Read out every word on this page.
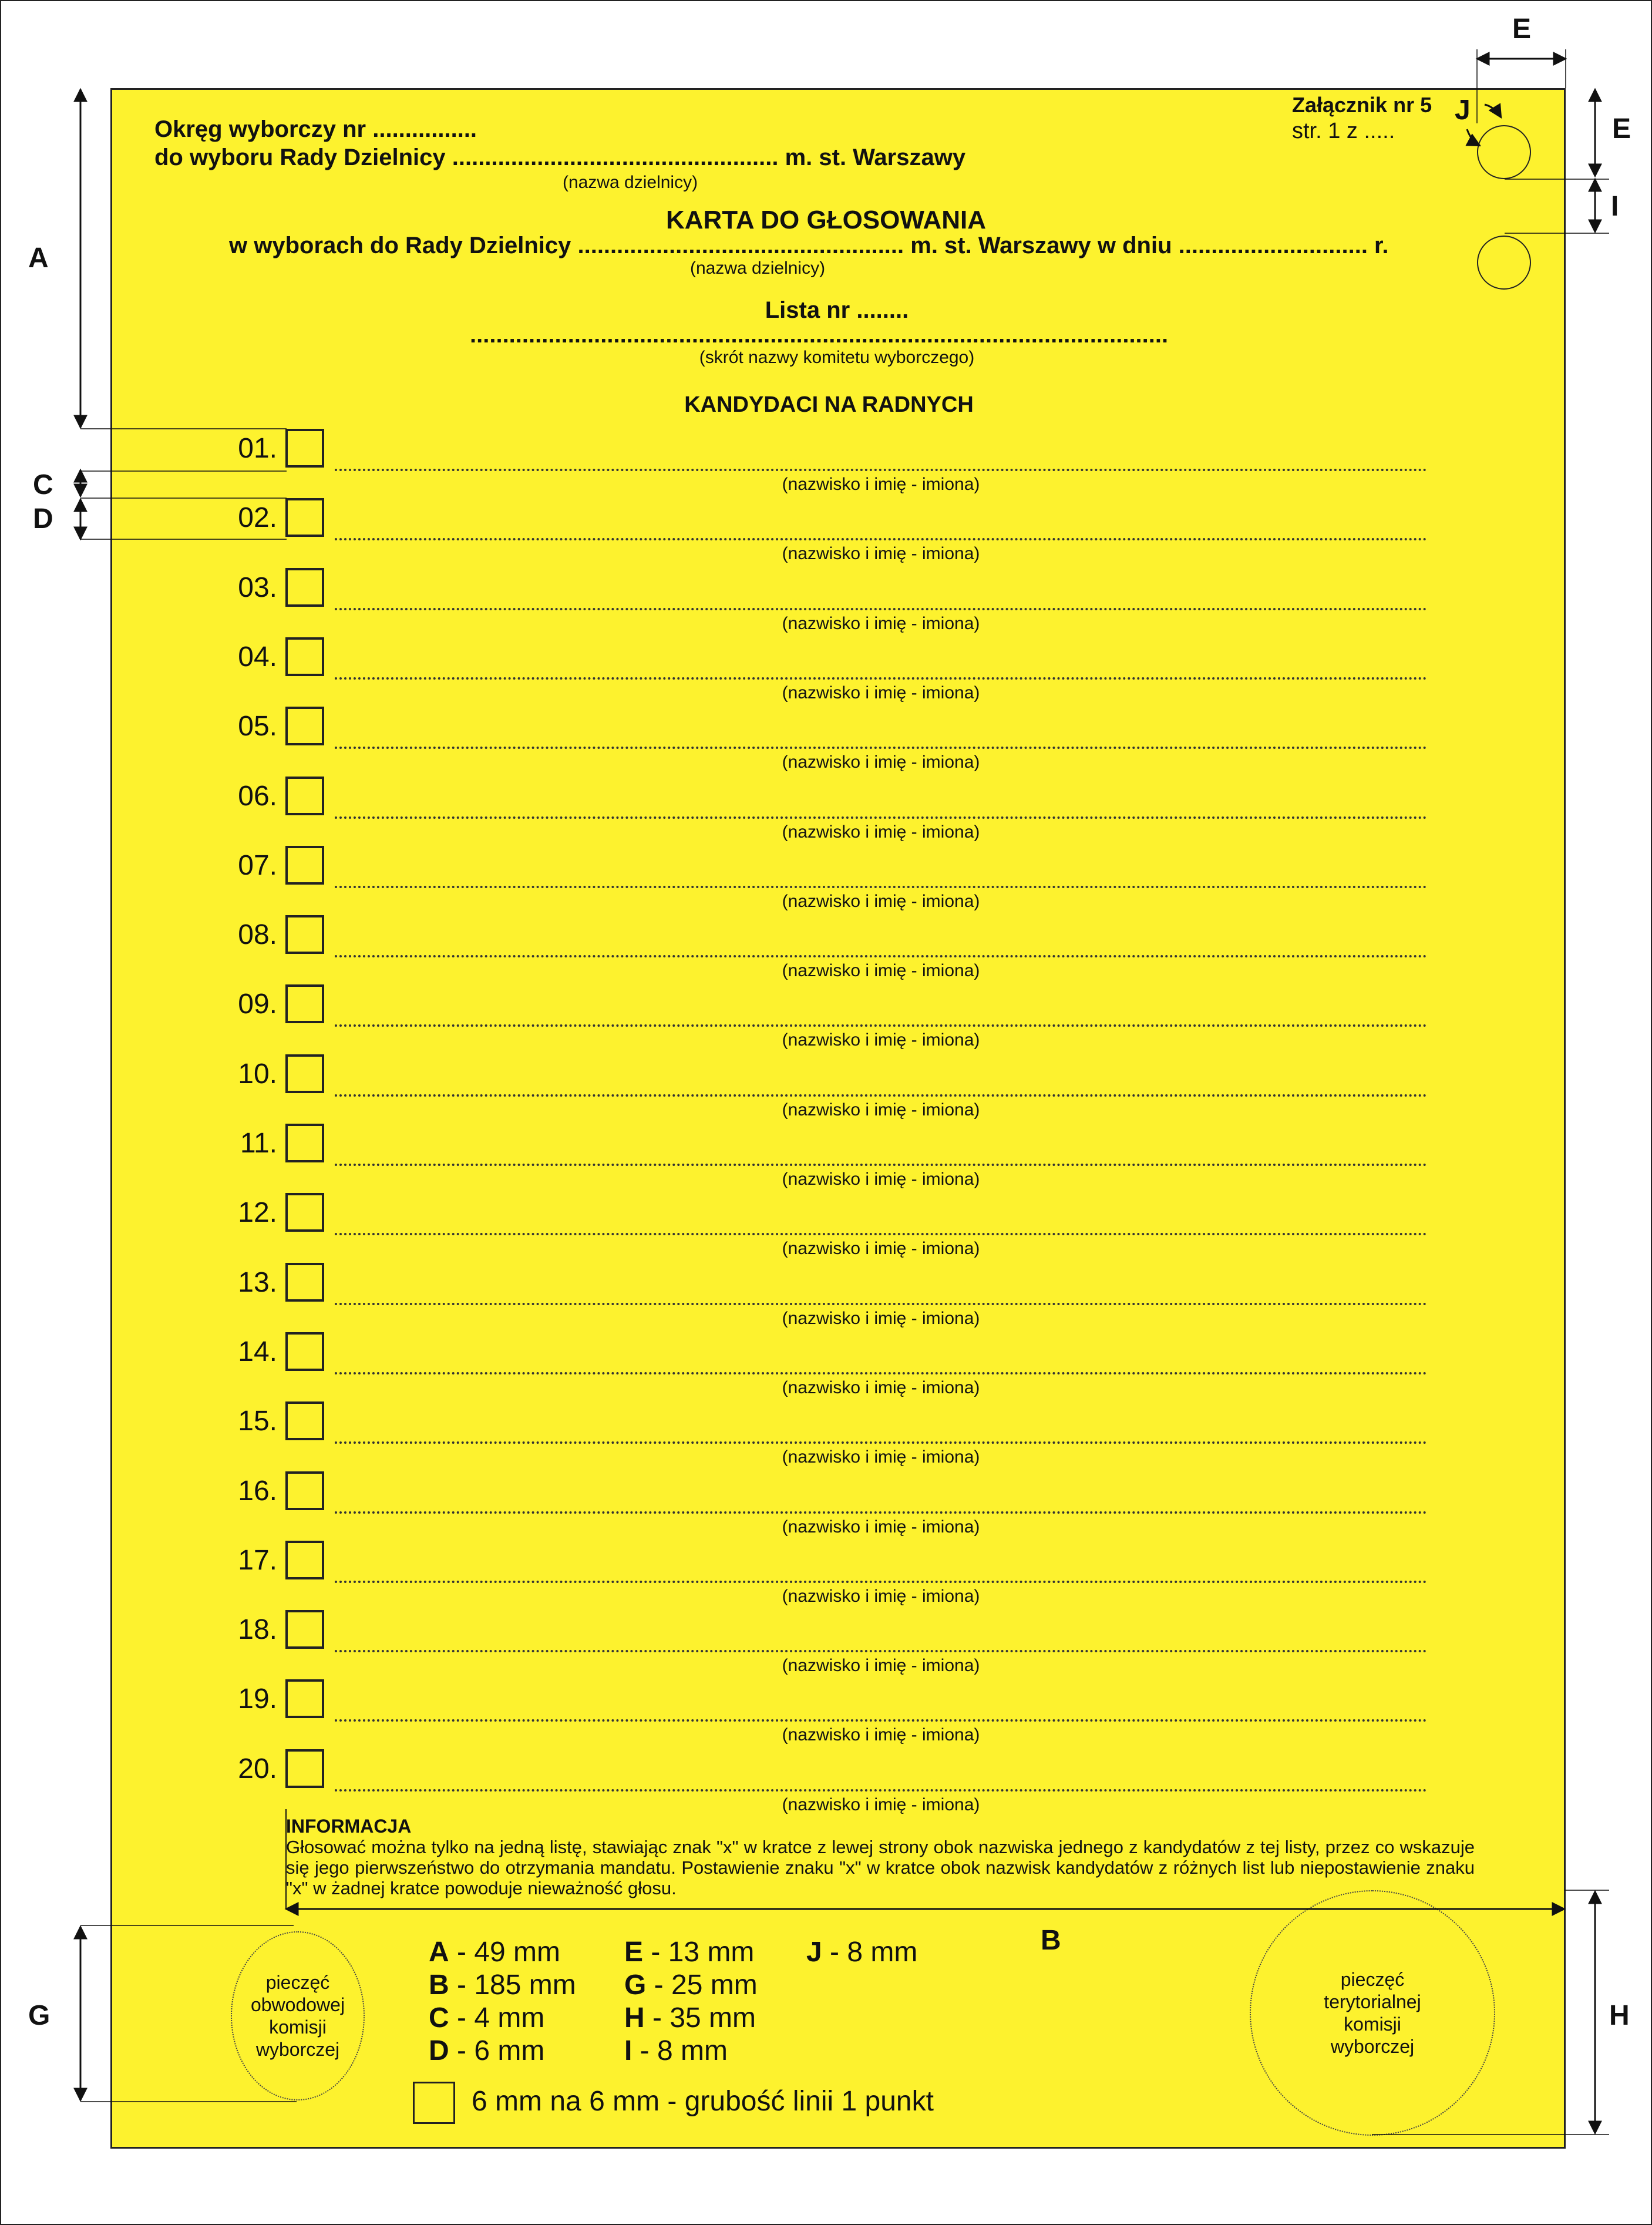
Okręg wyborczy nr ................
do wyboru Rady Dzielnicy .................................................. m. st. Warszawy
(nazwa dzielnicy)
Załącznik nr 5
str. 1 z .....
KARTA DO GŁOSOWANIA
w wyborach do Rady Dzielnicy .................................................. m. st. Warszawy w dniu ............................. r.
(nazwa dzielnicy)
Lista nr ........
...........................................................................................................
(skrót nazwy komitetu wyborczego)
KANDYDACI NA RADNYCH
01.
(nazwisko i imię - imiona)
02.
(nazwisko i imię - imiona)
03.
(nazwisko i imię - imiona)
04.
(nazwisko i imię - imiona)
05.
(nazwisko i imię - imiona)
06.
(nazwisko i imię - imiona)
07.
(nazwisko i imię - imiona)
08.
(nazwisko i imię - imiona)
09.
(nazwisko i imię - imiona)
10.
(nazwisko i imię - imiona)
11.
(nazwisko i imię - imiona)
12.
(nazwisko i imię - imiona)
13.
(nazwisko i imię - imiona)
14.
(nazwisko i imię - imiona)
15.
(nazwisko i imię - imiona)
16.
(nazwisko i imię - imiona)
17.
(nazwisko i imię - imiona)
18.
(nazwisko i imię - imiona)
19.
(nazwisko i imię - imiona)
20.
(nazwisko i imię - imiona)
INFORMACJA
Głosować można tylko na jedną listę, stawiając znak "x" w kratce z lewej strony obok nazwiska jednego z kandydatów z tej listy, przez co wskazuje się jego pierwszeństwo do otrzymania mandatu. Postawienie znaku "x" w kratce obok nazwisk kandydatów z różnych list lub niepostawienie znaku "x" w żadnej kratce powoduje nieważność głosu.
pieczęć
obwodowej
komisji
wyborczej
pieczęć
terytorialnej
komisji
wyborczej
A - 49 mm
B - 185 mm
C - 4 mm
D - 6 mm
E - 13 mm
G - 25 mm
H - 35 mm
I - 8 mm
J - 8 mm
6 mm na 6 mm - grubość linii 1 punkt
A
C
D
E
E
I
J
B
G	H
